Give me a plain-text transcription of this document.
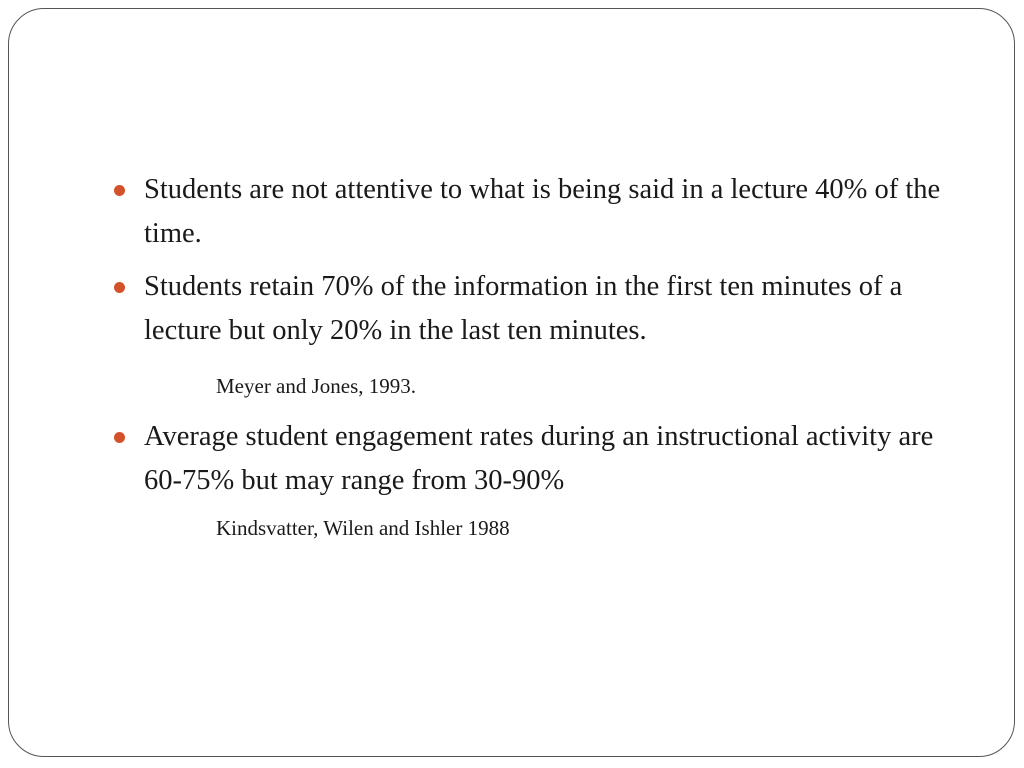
Students are not attentive to what is being said in a lecture 40% of the time.
Students retain 70% of the information in the first ten minutes of a lecture but only 20% in the last ten minutes.
Meyer and Jones, 1993.
Average student engagement rates during an instructional activity are 60-75% but may range from 30-90%
Kindsvatter, Wilen and Ishler 1988
